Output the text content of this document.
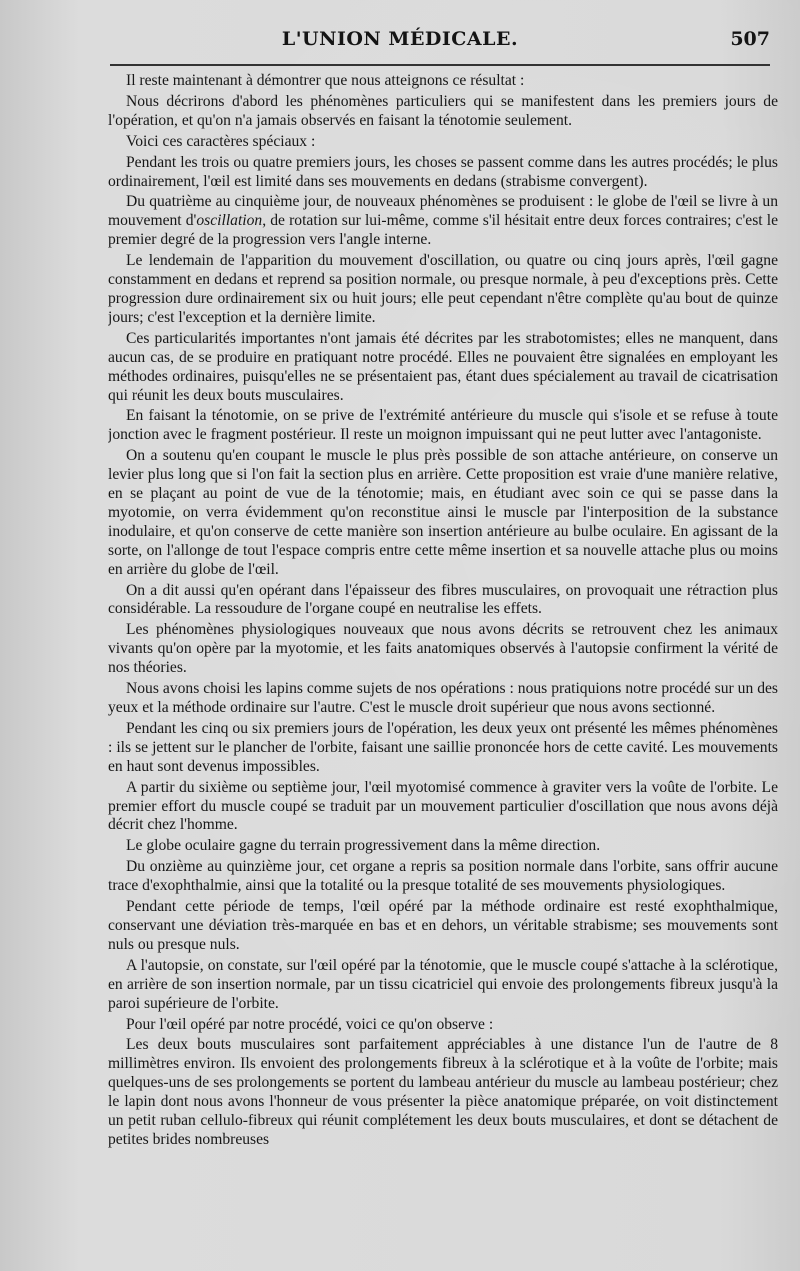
L'UNION MÉDICALE.	507

Il reste maintenant à démontrer que nous atteignons ce résultat :

Nous décrirons d'abord les phénomènes particuliers qui se manifestent dans les premiers jours de l'opération, et qu'on n'a jamais observés en faisant la ténotomie seulement.

Voici ces caractères spéciaux :

Pendant les trois ou quatre premiers jours, les choses se passent comme dans les autres procédés; le plus ordinairement, l'œil est limité dans ses mouvements en dedans (strabisme convergent).

Du quatrième au cinquième jour, de nouveaux phénomènes se produisent : le globe de l'œil se livre à un mouvement d'oscillation, de rotation sur lui-même, comme s'il hésitait entre deux forces contraires; c'est le premier degré de la progression vers l'angle interne.

Le lendemain de l'apparition du mouvement d'oscillation, ou quatre ou cinq jours après, l'œil gagne constamment en dedans et reprend sa position normale, ou presque normale, à peu d'exceptions près. Cette progression dure ordinairement six ou huit jours; elle peut cependant n'être complète qu'au bout de quinze jours; c'est l'exception et la dernière limite.

Ces particularités importantes n'ont jamais été décrites par les strabotomistes; elles ne manquent, dans aucun cas, de se produire en pratiquant notre procédé. Elles ne pouvaient être signalées en employant les méthodes ordinaires, puisqu'elles ne se présentaient pas, étant dues spécialement au travail de cicatrisation qui réunit les deux bouts musculaires.

En faisant la ténotomie, on se prive de l'extrémité antérieure du muscle qui s'isole et se refuse à toute jonction avec le fragment postérieur. Il reste un moignon impuissant qui ne peut lutter avec l'antagoniste.

On a soutenu qu'en coupant le muscle le plus près possible de son attache antérieure, on conserve un levier plus long que si l'on fait la section plus en arrière. Cette proposition est vraie d'une manière relative, en se plaçant au point de vue de la ténotomie; mais, en étudiant avec soin ce qui se passe dans la myotomie, on verra évidemment qu'on reconstitue ainsi le muscle par l'interposition de la substance inodulaire, et qu'on conserve de cette manière son insertion antérieure au bulbe oculaire. En agissant de la sorte, on l'allonge de tout l'espace compris entre cette même insertion et sa nouvelle attache plus ou moins en arrière du globe de l'œil.

On a dit aussi qu'en opérant dans l'épaisseur des fibres musculaires, on provoquait une rétraction plus considérable. La ressoudure de l'organe coupé en neutralise les effets.

Les phénomènes physiologiques nouveaux que nous avons décrits se retrouvent chez les animaux vivants qu'on opère par la myotomie, et les faits anatomiques observés à l'autopsie confirment la vérité de nos théories.

Nous avons choisi les lapins comme sujets de nos opérations : nous pratiquions notre procédé sur un des yeux et la méthode ordinaire sur l'autre. C'est le muscle droit supérieur que nous avons sectionné.

Pendant les cinq ou six premiers jours de l'opération, les deux yeux ont présenté les mêmes phénomènes : ils se jettent sur le plancher de l'orbite, faisant une saillie prononcée hors de cette cavité. Les mouvements en haut sont devenus impossibles.

A partir du sixième ou septième jour, l'œil myotomisé commence à graviter vers la voûte de l'orbite. Le premier effort du muscle coupé se traduit par un mouvement particulier d'oscillation que nous avons déjà décrit chez l'homme.

Le globe oculaire gagne du terrain progressivement dans la même direction.

Du onzième au quinzième jour, cet organe a repris sa position normale dans l'orbite, sans offrir aucune trace d'exophthalmie, ainsi que la totalité ou la presque totalité de ses mouvements physiologiques.

Pendant cette période de temps, l'œil opéré par la méthode ordinaire est resté exophthalmique, conservant une déviation très-marquée en bas et en dehors, un véritable strabisme; ses mouvements sont nuls ou presque nuls.

A l'autopsie, on constate, sur l'œil opéré par la ténotomie, que le muscle coupé s'attache à la sclérotique, en arrière de son insertion normale, par un tissu cicatriciel qui envoie des prolongements fibreux jusqu'à la paroi supérieure de l'orbite.

Pour l'œil opéré par notre procédé, voici ce qu'on observe :

Les deux bouts musculaires sont parfaitement appréciables à une distance l'un de l'autre de 8 millimètres environ. Ils envoient des prolongements fibreux à la sclérotique et à la voûte de l'orbite; mais quelques-uns de ses prolongements se portent du lambeau antérieur du muscle au lambeau postérieur; chez le lapin dont nous avons l'honneur de vous présenter la pièce anatomique préparée, on voit distinctement un petit ruban cellulo-fibreux qui réunit complétement les deux bouts musculaires, et dont se détachent de petites brides nombreuses
